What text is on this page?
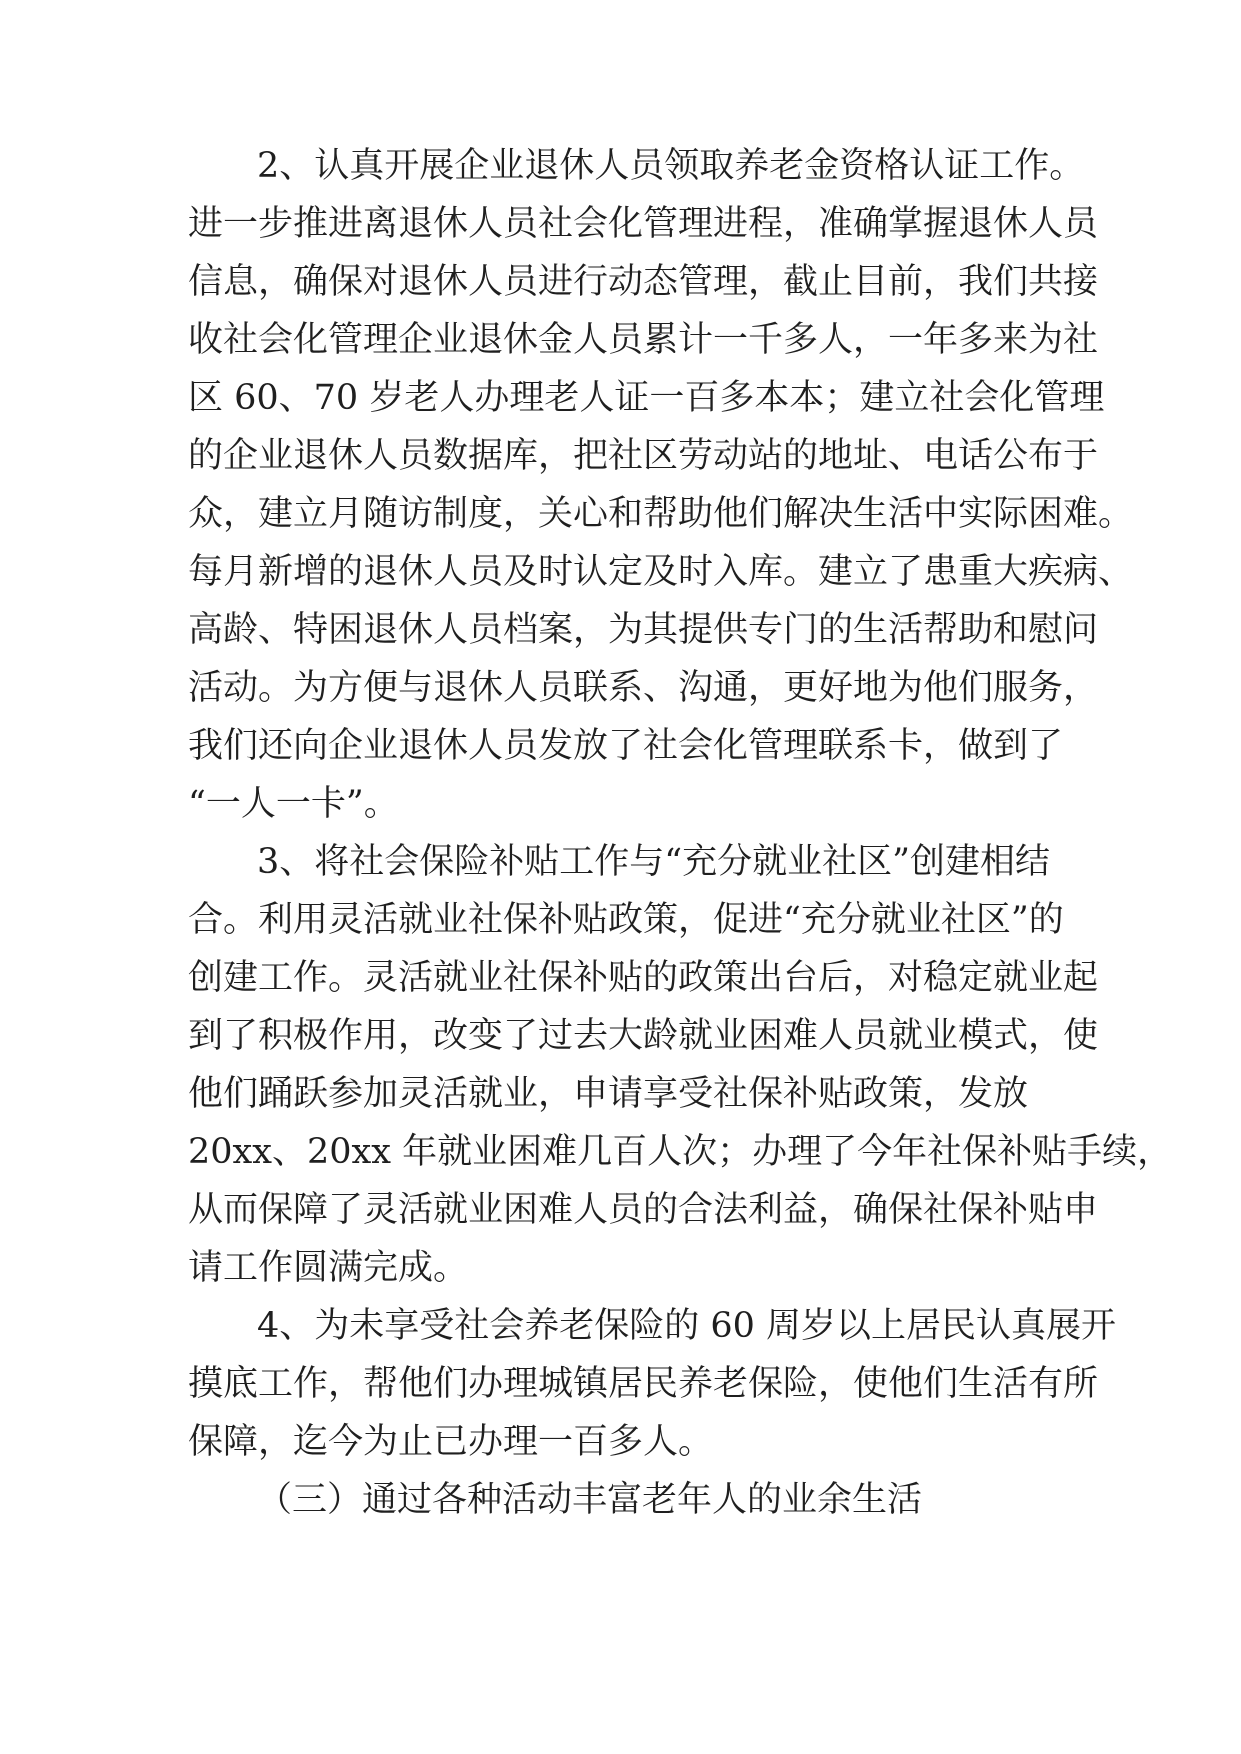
2、认真开展企业退休人员领取养老金资格认证工作。
进一步推进离退休人员社会化管理进程，准确掌握退休人员
信息，确保对退休人员进行动态管理，截止目前，我们共接
收社会化管理企业退休金人员累计一千多人，一年多来为社
区 60、70 岁老人办理老人证一百多本本；建立社会化管理
的企业退休人员数据库，把社区劳动站的地址、电话公布于
众，建立月随访制度，关心和帮助他们解决生活中实际困难。
每月新增的退休人员及时认定及时入库。建立了患重大疾病、
高龄、特困退休人员档案，为其提供专门的生活帮助和慰问
活动。为方便与退休人员联系、沟通，更好地为他们服务，
我们还向企业退休人员发放了社会化管理联系卡，做到了
“一人一卡”。
3、将社会保险补贴工作与“充分就业社区”创建相结
合。利用灵活就业社保补贴政策，促进“充分就业社区”的
创建工作。灵活就业社保补贴的政策出台后，对稳定就业起
到了积极作用，改变了过去大龄就业困难人员就业模式，使
他们踊跃参加灵活就业，申请享受社保补贴政策，发放
20xx、20xx 年就业困难几百人次；办理了今年社保补贴手续，
从而保障了灵活就业困难人员的合法利益，确保社保补贴申
请工作圆满完成。
4、为未享受社会养老保险的 60 周岁以上居民认真展开
摸底工作，帮他们办理城镇居民养老保险，使他们生活有所
保障，迄今为止已办理一百多人。
（三）通过各种活动丰富老年人的业余生活
